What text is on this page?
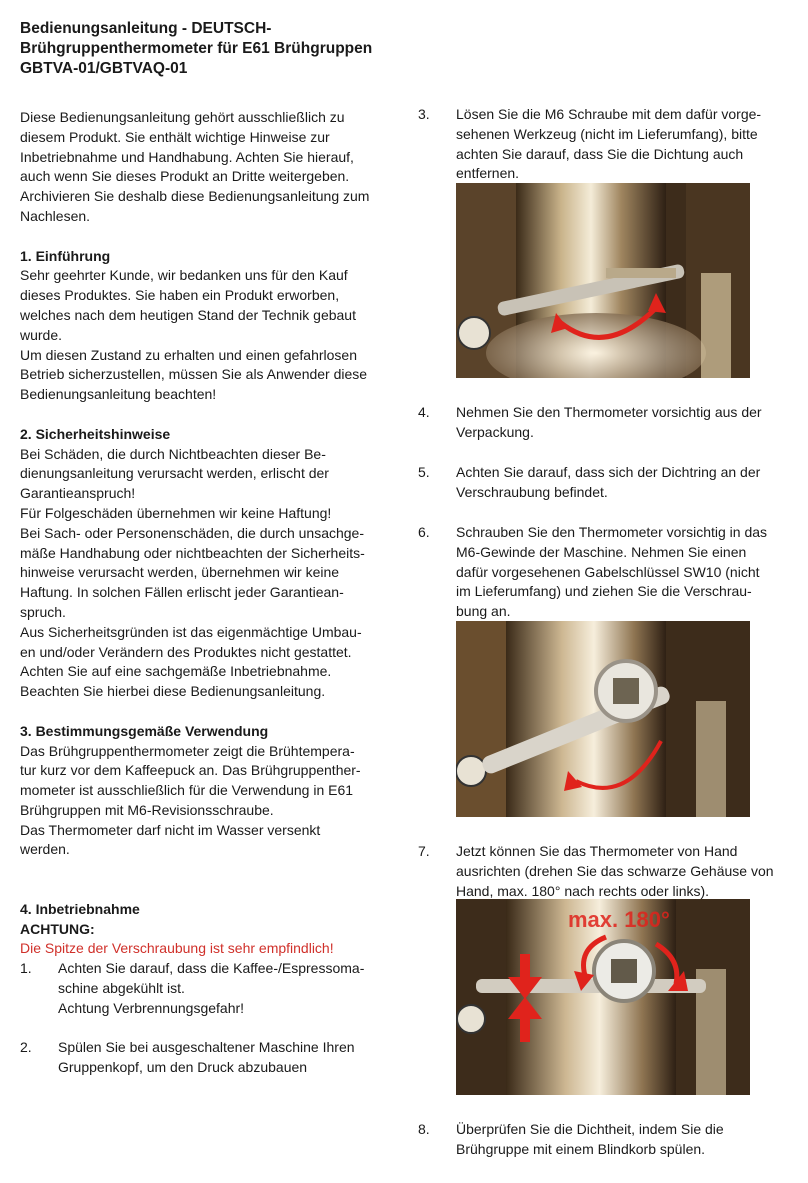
Bedienungsanleitung - DEUTSCH-
Brühgruppenthermometer für E61 Brühgruppen
GBTVA-01/GBTVAQ-01

Diese Bedienungsanleitung gehört ausschließlich zu

diesem Produkt. Sie enthält wichtige Hinweise zur

Inbetriebnahme und Handhabung. Achten Sie hierauf,

auch wenn Sie dieses Produkt an Dritte weitergeben.

Archivieren Sie deshalb diese Bedienungsanleitung zum

Nachlesen.

1. Einführung

Sehr geehrter Kunde, wir bedanken uns für den Kauf

dieses Produktes. Sie haben ein Produkt erworben,

welches nach dem heutigen Stand der Technik gebaut

wurde.

Um diesen Zustand zu erhalten und einen gefahrlosen

Betrieb sicherzustellen, müssen Sie als Anwender diese

Bedienungsanleitung beachten!

2. Sicherheitshinweise

Bei Schäden, die durch Nichtbeachten dieser Be-

dienungsanleitung verursacht werden, erlischt der

Garantieanspruch!

Für Folgeschäden übernehmen wir keine Haftung!

Bei Sach- oder Personenschäden, die durch unsachge-

mäße Handhabung oder nichtbeachten der Sicherheits-

hinweise verursacht werden, übernehmen wir keine

Haftung. In solchen Fällen erlischt jeder Garantiean-

spruch.

Aus Sicherheitsgründen ist das eigenmächtige Umbau-

en und/oder Verändern des Produktes nicht gestattet.

Achten Sie auf eine sachgemäße Inbetriebnahme.

Beachten Sie hierbei diese Bedienungsanleitung.

3. Bestimmungsgemäße Verwendung

Das Brühgruppenthermometer zeigt die Brühtempera-

tur kurz vor dem Kaffeepuck an. Das Brühgruppenther-

mometer ist ausschließlich für die Verwendung in E61

Brühgruppen mit M6-Revisionsschraube.

Das Thermometer darf nicht im Wasser versenkt

werden.

4. Inbetriebnahme

ACHTUNG:

Die Spitze der Verschraubung ist sehr empfindlich!

1.	Achten Sie darauf, dass die Kaffee-/Espressoma-

schine abgekühlt ist.

Achtung Verbrennungsgefahr!

2.	Spülen Sie bei ausgeschaltener Maschine Ihren

Gruppenkopf, um den Druck abzubauen

3.	Lösen Sie die M6 Schraube mit dem dafür vorge-
sehenen Werkzeug (nicht im Lieferumfang), bitte
achten Sie darauf, dass Sie die Dichtung auch
entfernen.
4.	Nehmen Sie den Thermometer vorsichtig aus der
Verpackung.
5.	Achten Sie darauf, dass sich der Dichtring an der
Verschraubung befindet.
6.	Schrauben Sie den Thermometer vorsichtig in das
M6-Gewinde der Maschine. Nehmen Sie einen
dafür vorgesehenen Gabelschlüssel SW10 (nicht
im Lieferumfang) und ziehen Sie die Verschrau-
bung an.
7.	Jetzt können Sie das Thermometer von Hand
ausrichten (drehen Sie das schwarze Gehäuse von
Hand, max. 180° nach rechts oder links).
max. 180°
8.	Überprüfen Sie die Dichtheit, indem Sie die
Brühgruppe mit einem Blindkorb spülen.
